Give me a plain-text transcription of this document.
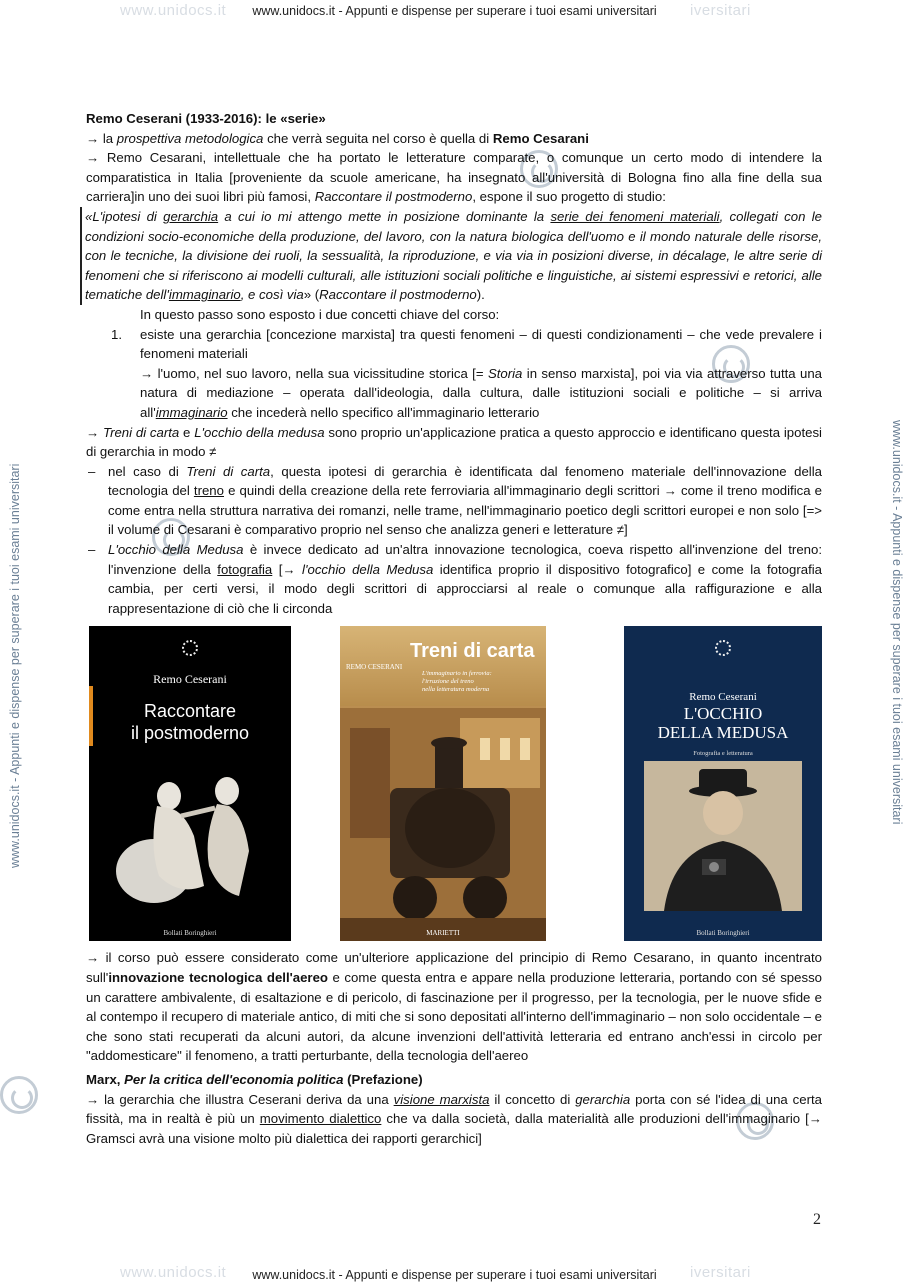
www.unidocs.it - Appunti e dispense per superare i tuoi esami universitari
www.unidocs.it	iversitari
www.unidocs.it - Appunti e dispense per superare i tuoi esami universitari
www.unidocs.it	iversitari
www.unidocs.it - Appunti e dispense per superare i tuoi esami universitari	www.unidocs.it - Appunti e dispense per superare i tuoi esami universitari

Remo Ceserani (1933-2016): le «serie»

→ la prospettiva metodologica che verrà seguita nel corso è quella di Remo Cesarani

→ Remo Cesarani, intellettuale che ha portato le letterature comparate, o comunque un certo modo di intendere la comparatistica in Italia [proveniente da scuole americane, ha insegnato all'università di Bologna fino alla fine della sua carriera]in uno dei suoi libri più famosi, Raccontare il postmoderno, espone il suo progetto di studio:

«L'ipotesi di gerarchia a cui io mi attengo mette in posizione dominante la serie dei fenomeni materiali, collegati con le condizioni socio-economiche della produzione, del lavoro, con la natura biologica dell'uomo e il mondo naturale delle risorse, con le tecniche, la divisione dei ruoli, la sessualità, la riproduzione, e via via in posizioni diverse, in décalage, le altre serie di fenomeni che si riferiscono ai modelli culturali, alle istituzioni sociali politiche e linguistiche, ai sistemi espressivi e retorici, alle tematiche dell'immaginario, e così via» (Raccontare il postmoderno).

In questo passo sono esposto i due concetti chiave del corso:

1. esiste una gerarchia [concezione marxista] tra questi fenomeni – di questi condizionamenti – che vede prevalere i fenomeni materiali

→ l'uomo, nel suo lavoro, nella sua vicissitudine storica [= Storia in senso marxista], poi via via attraverso tutta una natura di mediazione – operata dall'ideologia, dalla cultura, dalle istituzioni sociali e politiche – si arriva all'immaginario che incederà nello specifico all'immaginario letterario

→ Treni di carta e L'occhio della medusa sono proprio un'applicazione pratica a questo approccio e identificano questa ipotesi di gerarchia in modo ≠

– nel caso di Treni di carta, questa ipotesi di gerarchia è identificata dal fenomeno materiale dell'innovazione della tecnologia del treno e quindi della creazione della rete ferroviaria all'immaginario degli scrittori → come il treno modifica e come entra nella struttura narrativa dei romanzi, nelle trame, nell'immaginario poetico degli scrittori europei e non solo [=> il volume di Cesarani è comparativo proprio nel senso che analizza generi e letterature ≠]

– L'occhio della Medusa è invece dedicato ad un'altra innovazione tecnologica, coeva rispetto all'invenzione del treno: l'invenzione della fotografia [→ l'occhio della Medusa identifica proprio il dispositivo fotografico] e come la fotografia cambia, per certi versi, il modo degli scrittori di approcciarsi al reale o comunque alla raffigurazione e alla rappresentazione di ciò che li circonda

Remo Ceserani
Raccontare
il postmoderno
Bollati Boringhieri
REMO CESERANI
Treni di carta
L'immaginario in ferrovia:
l'irruzione del treno
nella letteratura moderna
MARIETTI
Remo Ceserani
L'OCCHIO
DELLA MEDUSA
Fotografia e letteratura
Bollati Boringhieri

→ il corso può essere considerato come un'ulteriore applicazione del principio di Remo Cesarano, in quanto incentrato sull'innovazione tecnologica dell'aereo e come questa entra e appare nella produzione letteraria, portando con sé spesso un carattere ambivalente, di esaltazione e di pericolo, di fascinazione per il progresso, per la tecnologia, per le nuove sfide e al contempo il recupero di materiale antico, di miti che si sono depositati all'interno dell'immaginario – non solo occidentale – e che sono stati recuperati da alcuni autori, da alcune invenzioni dell'attività letteraria ed entrano anch'essi in circolo per "addomesticare" il fenomeno, a tratti perturbante, della tecnologia dell'aereo

Marx, Per la critica dell'economia politica (Prefazione)

→ la gerarchia che illustra Ceserani deriva da una visione marxista il concetto di gerarchia porta con sé l'idea di una certa fissità, ma in realtà è più un movimento dialettico che va dalla società, dalla materialità alle produzioni dell'immaginario [→ Gramsci avrà una visione molto più dialettica dei rapporti gerarchici]

2
